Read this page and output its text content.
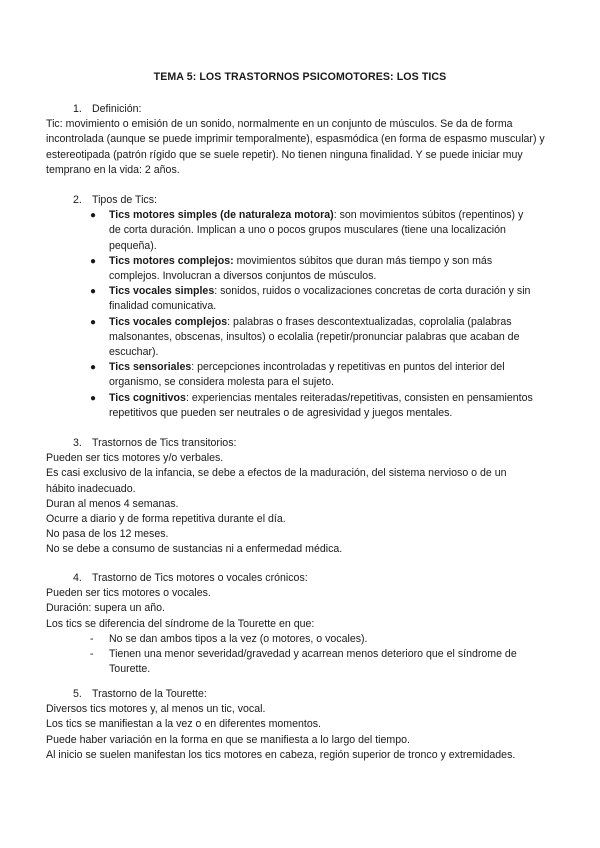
TEMA 5: LOS TRASTORNOS PSICOMOTORES: LOS TICS
1. Definición:
Tic: movimiento o emisión de un sonido, normalmente en un conjunto de músculos. Se da de forma incontrolada (aunque se puede imprimir temporalmente), espasmódica (en forma de espasmo muscular) y estereotipada (patrón rígido que se suele repetir). No tienen ninguna finalidad. Y se puede iniciar muy temprano en la vida: 2 años.
2. Tipos de Tics:
● Tics motores simples (de naturaleza motora): son movimientos súbitos (repentinos) y de corta duración. Implican a uno o pocos grupos musculares (tiene una localización pequeña).
● Tics motores complejos: movimientos súbitos que duran más tiempo y son más complejos. Involucran a diversos conjuntos de músculos.
● Tics vocales simples: sonidos, ruidos o vocalizaciones concretas de corta duración y sin finalidad comunicativa.
● Tics vocales complejos: palabras o frases descontextualizadas, coprolalia (palabras malsonantes, obscenas, insultos) o ecolalia (repetir/pronunciar palabras que acaban de escuchar).
● Tics sensoriales: percepciones incontroladas y repetitivas en puntos del interior del organismo, se considera molesta para el sujeto.
● Tics cognitivos: experiencias mentales reiteradas/repetitivas, consisten en pensamientos repetitivos que pueden ser neutrales o de agresividad y juegos mentales.
3. Trastornos de Tics transitorios:
Pueden ser tics motores y/o verbales.
Es casi exclusivo de la infancia, se debe a efectos de la maduración, del sistema nervioso o de un hábito inadecuado.
Duran al menos 4 semanas.
Ocurre a diario y de forma repetitiva durante el día.
No pasa de los 12 meses.
No se debe a consumo de sustancias ni a enfermedad médica.
4. Trastorno de Tics motores o vocales crónicos:
Pueden ser tics motores o vocales.
Duración: supera un año.
Los tics se diferencia del síndrome de la Tourette en que:
- No se dan ambos tipos a la vez (o motores, o vocales).
- Tienen una menor severidad/gravedad y acarrean menos deterioro que el síndrome de Tourette.
5. Trastorno de la Tourette:
Diversos tics motores y, al menos un tic, vocal.
Los tics se manifiestan a la vez o en diferentes momentos.
Puede haber variación en la forma en que se manifiesta a lo largo del tiempo.
Al inicio se suelen manifestan los tics motores en cabeza, región superior de tronco y extremidades.
